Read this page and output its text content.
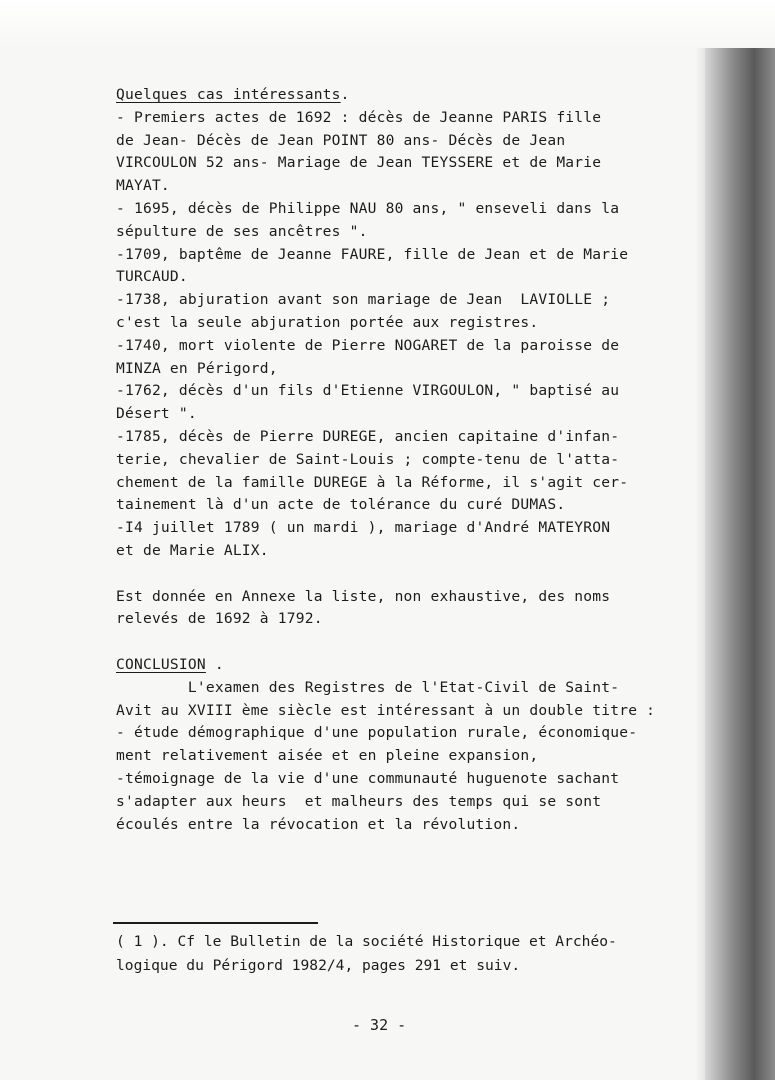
Quelques cas intéressants.
- Premiers actes de 1692 : décès de Jeanne PARIS fille
de Jean- Décès de Jean POINT 80 ans- Décès de Jean
VIRCOULON 52 ans- Mariage de Jean TEYSSERE et de Marie
MAYAT.
- 1695, décès de Philippe NAU 80 ans, " enseveli dans la
sépulture de ses ancêtres ".
-1709, baptême de Jeanne FAURE, fille de Jean et de Marie
TURCAUD.
-1738, abjuration avant son mariage de Jean  LAVIOLLE ;
c'est la seule abjuration portée aux registres.
-1740, mort violente de Pierre NOGARET de la paroisse de
MINZA en Périgord,
-1762, décès d'un fils d'Etienne VIRGOULON, " baptisé au
Désert ".
-1785, décès de Pierre DUREGE, ancien capitaine d'infan-
terie, chevalier de Saint-Louis ; compte-tenu de l'atta-
chement de la famille DUREGE à la Réforme, il s'agit cer-
tainement là d'un acte de tolérance du curé DUMAS.
-I4 juillet 1789 ( un mardi ), mariage d'André MATEYRON
et de Marie ALIX.
Est donnée en Annexe la liste, non exhaustive, des noms
relevés de 1692 à 1792.
CONCLUSION .
L'examen des Registres de l'Etat-Civil de Saint-
Avit au XVIII ème siècle est intéressant à un double titre :
- étude démographique d'une population rurale, économique-
ment relativement aisée et en pleine expansion,
-témoignage de la vie d'une communauté huguenote sachant
s'adapter aux heurs  et malheurs des temps qui se sont
écoulés entre la révocation et la révolution.
( 1 ). Cf le Bulletin de la société Historique et Archéo-
logique du Périgord 1982/4, pages 291 et suiv.
- 32 -
